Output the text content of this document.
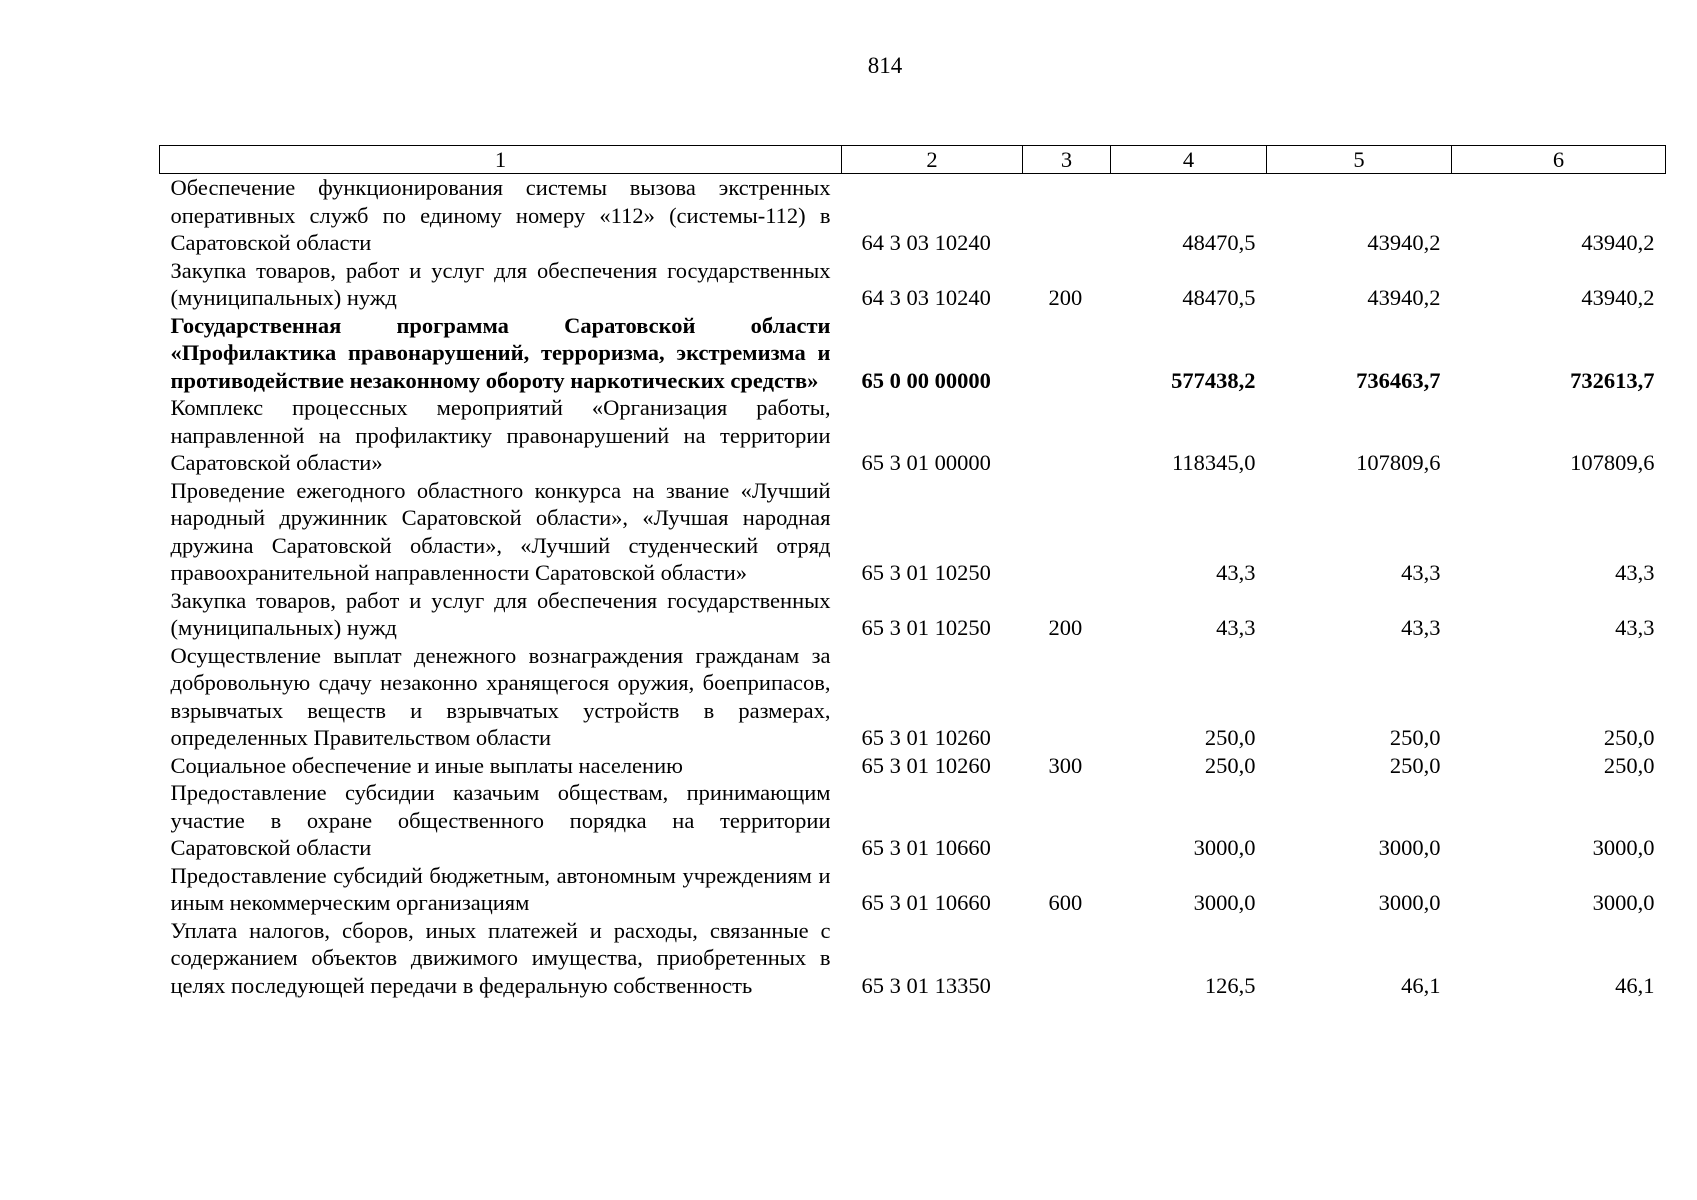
814
1	2	3	4	5	6
Обеспечение функционирования системы вызова экстренных оперативных служб по единому номеру «112» (системы-112) в Саратовской области	64 3 03 10240		48470,5	43940,2	43940,2
Закупка товаров, работ и услуг для обеспечения государственных (муниципальных) нужд	64 3 03 10240	200	48470,5	43940,2	43940,2
Государственная программа Саратовской области «Профилактика правонарушений, терроризма, экстремизма и противодействие незаконному обороту наркотических средств»	65 0 00 00000		577438,2	736463,7	732613,7
Комплекс процессных мероприятий «Организация работы, направленной на профилактику правонарушений на территории Саратовской области»	65 3 01 00000		118345,0	107809,6	107809,6
Проведение ежегодного областного конкурса на звание «Лучший народный дружинник Саратовской области», «Лучшая народная дружина Саратовской области», «Лучший студенческий отряд правоохранительной направленности Саратовской области»	65 3 01 10250		43,3	43,3	43,3
Закупка товаров, работ и услуг для обеспечения государственных (муниципальных) нужд	65 3 01 10250	200	43,3	43,3	43,3
Осуществление выплат денежного вознаграждения гражданам за добровольную сдачу незаконно хранящегося оружия, боеприпасов, взрывчатых веществ и взрывчатых устройств в размерах, определенных Правительством области	65 3 01 10260		250,0	250,0	250,0
Социальное обеспечение и иные выплаты населению	65 3 01 10260	300	250,0	250,0	250,0
Предоставление субсидии казачьим обществам, принимающим участие в охране общественного порядка на территории Саратовской области	65 3 01 10660		3000,0	3000,0	3000,0
Предоставление субсидий бюджетным, автономным учреждениям и иным некоммерческим организациям	65 3 01 10660	600	3000,0	3000,0	3000,0
Уплата налогов, сборов, иных платежей и расходы, связанные с содержанием объектов движимого имущества, приобретенных в целях последующей передачи в федеральную собственность	65 3 01 13350		126,5	46,1	46,1
